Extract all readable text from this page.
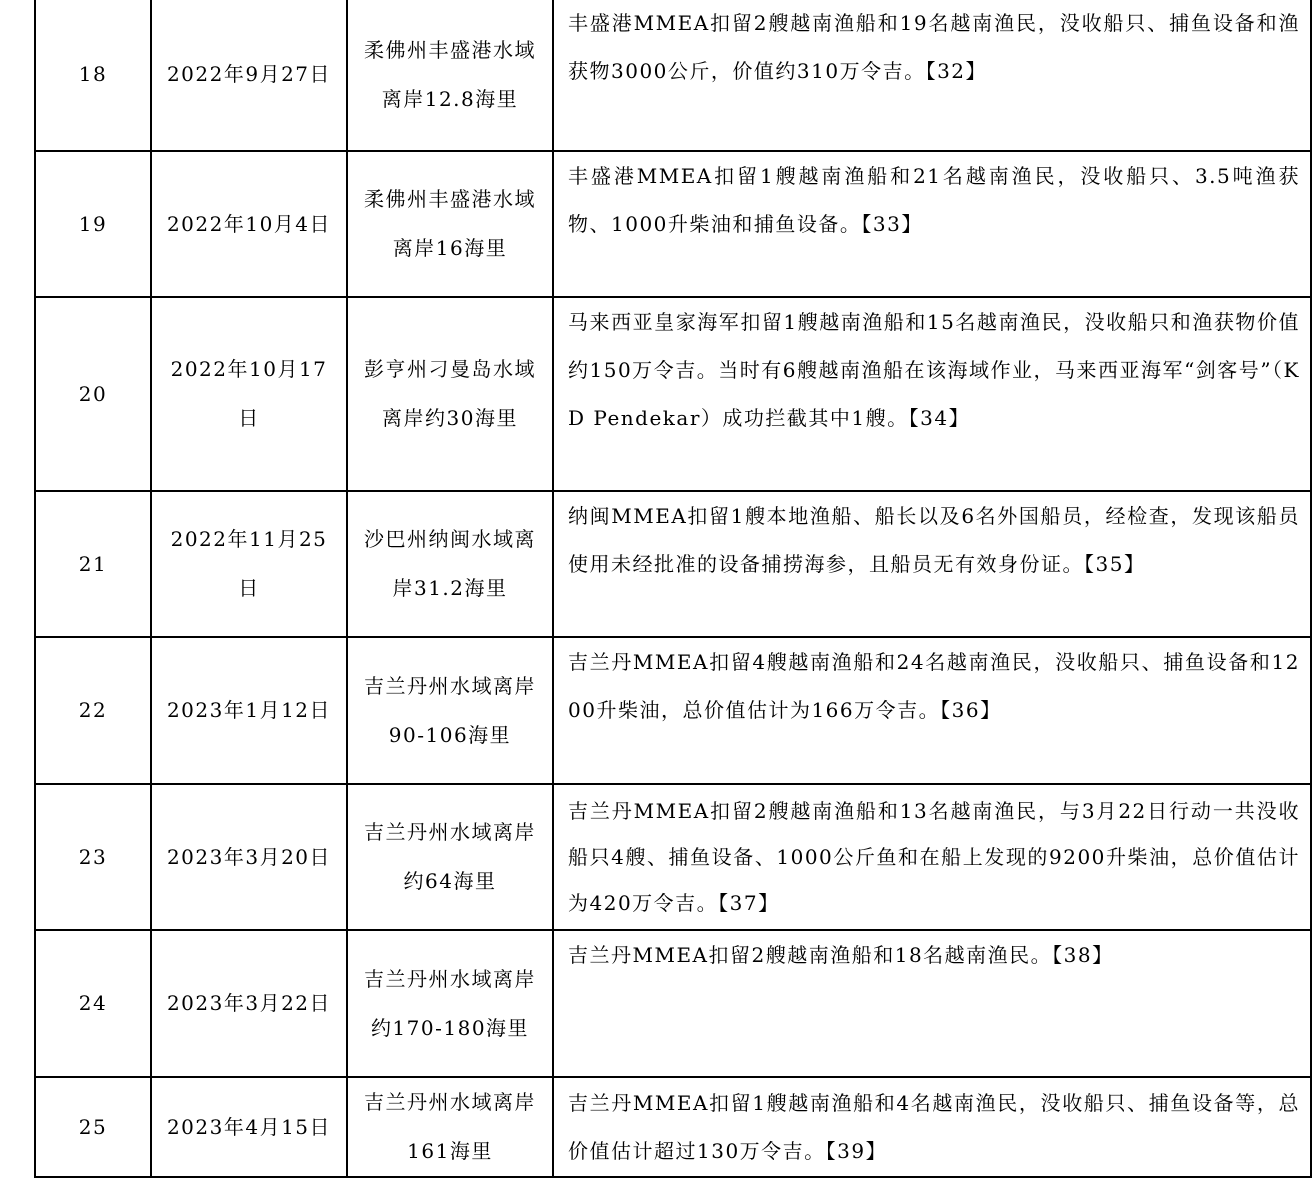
18	2022年9月27日	柔佛州丰盛港水域离岸12.8海里	丰盛港MMEA扣留2艘越南渔船和19名越南渔民，没收船只、捕鱼设备和渔获物3000公斤，价值约310万令吉。【32】

19	2022年10月4日	柔佛州丰盛港水域离岸16海里	丰盛港MMEA扣留1艘越南渔船和21名越南渔民，没收船只、3.5吨渔获物、1000升柴油和捕鱼设备。【33】

20	2022年10月17日	彭亨州刁曼岛水域离岸约30海里	马来西亚皇家海军扣留1艘越南渔船和15名越南渔民，没收船只和渔获物价值约150万令吉。当时有6艘越南渔船在该海域作业，马来西亚海军“剑客号”（KD Pendekar）成功拦截其中1艘。【34】

21	2022年11月25日	沙巴州纳闽水域离岸31.2海里	纳闽MMEA扣留1艘本地渔船、船长以及6名外国船员，经检查，发现该船员使用未经批准的设备捕捞海参，且船员无有效身份证。【35】

22	2023年1月12日	吉兰丹州水域离岸90-106海里	吉兰丹MMEA扣留4艘越南渔船和24名越南渔民，没收船只、捕鱼设备和1200升柴油，总价值估计为166万令吉。【36】

23	2023年3月20日	吉兰丹州水域离岸约64海里	吉兰丹MMEA扣留2艘越南渔船和13名越南渔民，与3月22日行动一共没收船只4艘、捕鱼设备、1000公斤鱼和在船上发现的9200升柴油，总价值估计为420万令吉。【37】

24	2023年3月22日	吉兰丹州水域离岸约170-180海里	吉兰丹MMEA扣留2艘越南渔船和18名越南渔民。【38】

25	2023年4月15日	吉兰丹州水域离岸161海里	吉兰丹MMEA扣留1艘越南渔船和4名越南渔民，没收船只、捕鱼设备等，总价值估计超过130万令吉。【39】
